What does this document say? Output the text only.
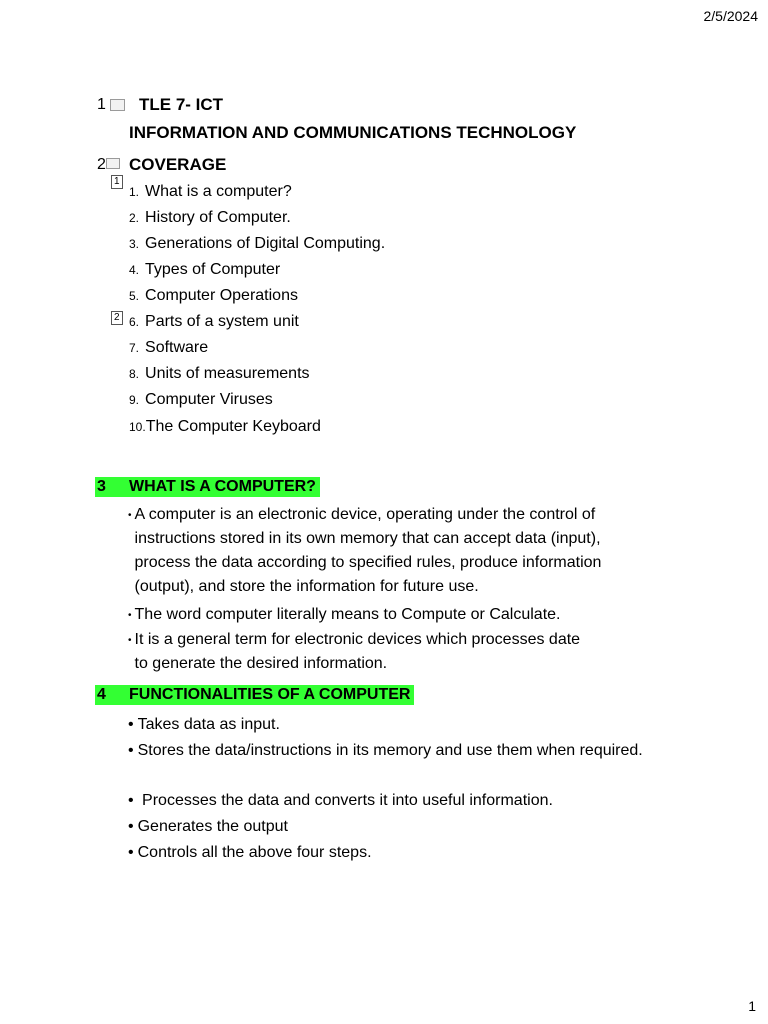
2/5/2024
1	TLE 7- ICT
INFORMATION AND COMMUNICATIONS TECHNOLOGY
2	COVERAGE
1
2
1. What is a computer?
2. History of Computer.
3. Generations of Digital Computing.
4. Types of Computer
5. Computer Operations
6. Parts of a system unit
7. Software
8. Units of measurements
9. Computer Viruses
10.The Computer Keyboard
3 WHAT IS A COMPUTER?
• A computer is an electronic device, operating under the control of instructions stored in its own memory that can accept data (input), process the data according to specified rules, produce information (output), and store the information for future use.
• The word computer literally means to Compute or Calculate.
• It is a general term for electronic devices which processes date to generate the desired information.
4 FUNCTIONALITIES OF A COMPUTER
• Takes data as input.
• Stores the data/instructions in its memory and use them when required.
• Processes the data and converts it into useful information.
• Generates the output
• Controls all the above four steps.
1
